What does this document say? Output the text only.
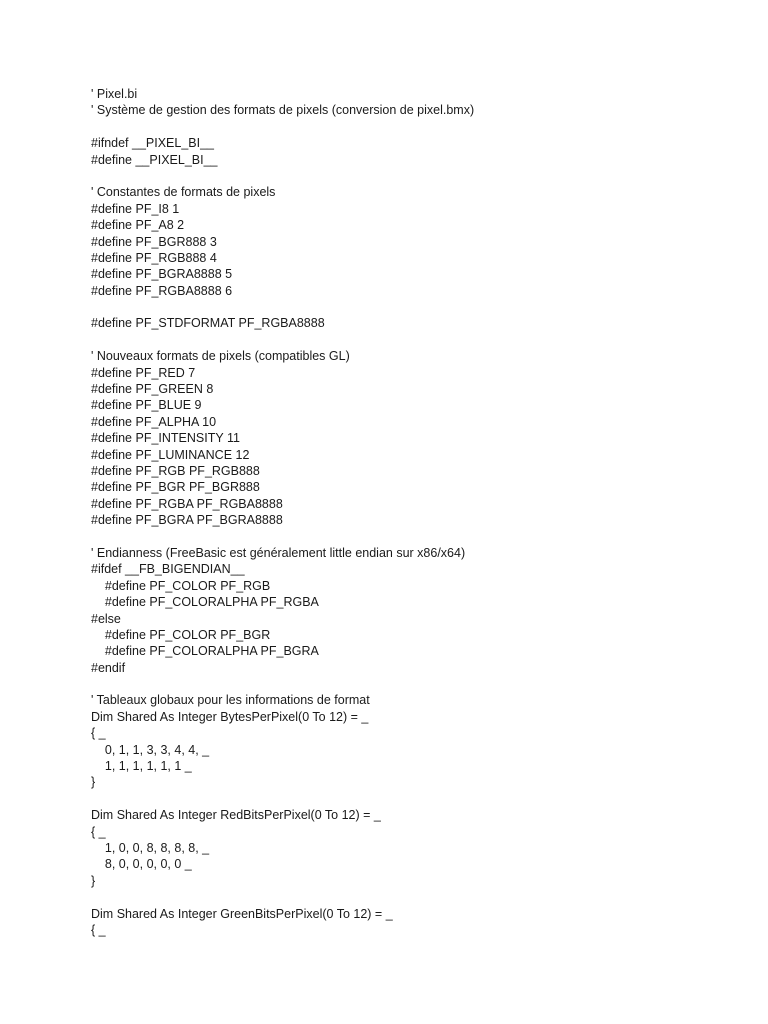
' Pixel.bi
' Système de gestion des formats de pixels (conversion de pixel.bmx)
#ifndef __PIXEL_BI__
#define __PIXEL_BI__
' Constantes de formats de pixels
#define PF_I8 1
#define PF_A8 2
#define PF_BGR888 3
#define PF_RGB888 4
#define PF_BGRA8888 5
#define PF_RGBA8888 6
#define PF_STDFORMAT PF_RGBA8888
' Nouveaux formats de pixels (compatibles GL)
#define PF_RED 7
#define PF_GREEN 8
#define PF_BLUE 9
#define PF_ALPHA 10
#define PF_INTENSITY 11
#define PF_LUMINANCE 12
#define PF_RGB PF_RGB888
#define PF_BGR PF_BGR888
#define PF_RGBA PF_RGBA8888
#define PF_BGRA PF_BGRA8888
' Endianness (FreeBasic est généralement little endian sur x86/x64)
#ifdef __FB_BIGENDIAN__
#define PF_COLOR PF_RGB
#define PF_COLORALPHA PF_RGBA
#else
#define PF_COLOR PF_BGR
#define PF_COLORALPHA PF_BGRA
#endif
' Tableaux globaux pour les informations de format
Dim Shared As Integer BytesPerPixel(0 To 12) = _
{ _
0, 1, 1, 3, 3, 4, 4, _
1, 1, 1, 1, 1, 1 _
}
Dim Shared As Integer RedBitsPerPixel(0 To 12) = _
{ _
1, 0, 0, 8, 8, 8, 8, _
8, 0, 0, 0, 0, 0 _
}
Dim Shared As Integer GreenBitsPerPixel(0 To 12) = _
{ _
